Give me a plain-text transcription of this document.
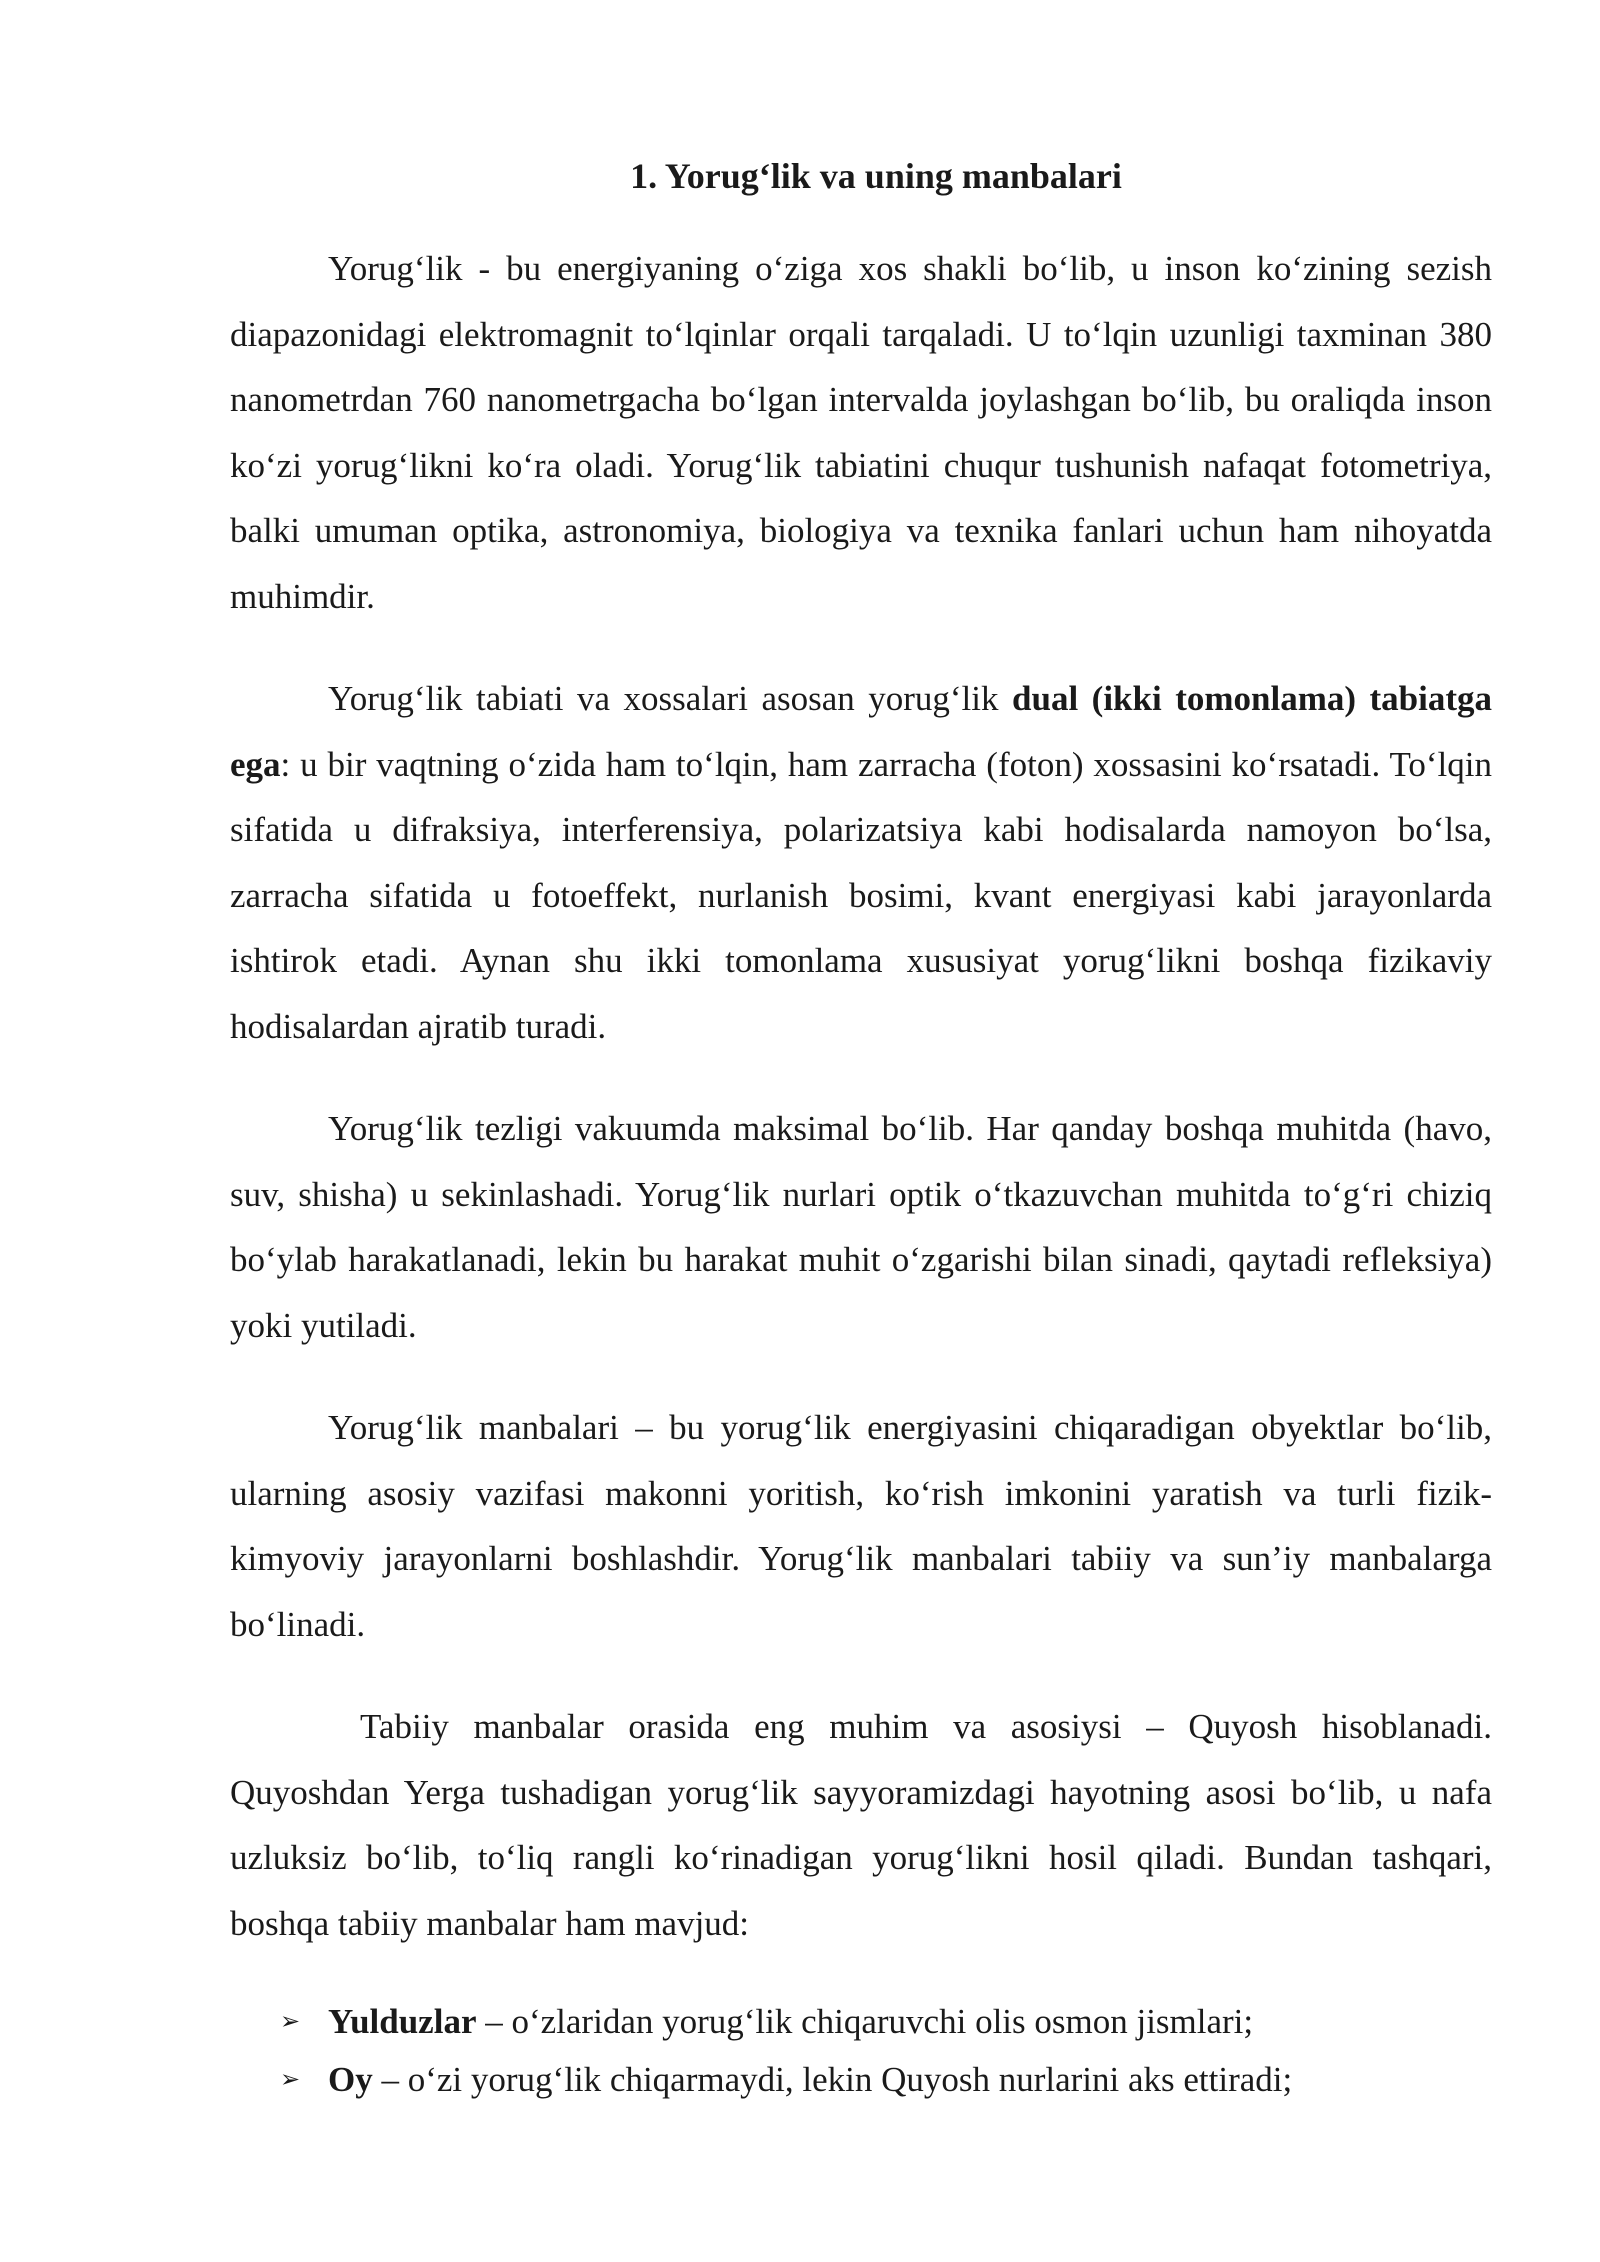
1. Yorug‘lik va uning manbalari

Yorug‘lik - bu energiyaning o‘ziga xos shakli bo‘lib, u inson ko‘zining sezish diapazonidagi elektromagnit to‘lqinlar orqali tarqaladi. U to‘lqin uzunligi taxminan 380 nanometrdan 760 nanometrgacha bo‘lgan intervalda joylashgan bo‘lib, bu oraliqda inson ko‘zi yorug‘likni ko‘ra oladi. Yorug‘lik tabiatini chuqur tushunish nafaqat fotometriya, balki umuman optika, astronomiya, biologiya va texnika fanlari uchun ham nihoyatda muhimdir.

Yorug‘lik tabiati va xossalari asosan yorug‘lik dual (ikki tomonlama) tabiatga ega: u bir vaqtning o‘zida ham to‘lqin, ham zarracha (foton) xossasini ko‘rsatadi. To‘lqin sifatida u difraksiya, interferensiya, polarizatsiya kabi hodisalarda namoyon bo‘lsa, zarracha sifatida u fotoeffekt, nurlanish bosimi, kvant energiyasi kabi jarayonlarda ishtirok etadi. Aynan shu ikki tomonlama xususiyat yorug‘likni boshqa fizikaviy hodisalardan ajratib turadi.

Yorug‘lik tezligi vakuumda maksimal bo‘lib. Har qanday boshqa muhitda (havo, suv, shisha) u sekinlashadi. Yorug‘lik nurlari optik o‘tkazuvchan muhitda to‘g‘ri chiziq bo‘ylab harakatlanadi, lekin bu harakat muhit o‘zgarishi bilan sinadi, qaytadi refleksiya) yoki yutiladi.

Yorug‘lik manbalari – bu yorug‘lik energiyasini chiqaradigan obyektlar bo‘lib, ularning asosiy vazifasi makonni yoritish, ko‘rish imkonini yaratish va turli fizik-kimyoviy jarayonlarni boshlashdir. Yorug‘lik manbalari tabiiy va sun’iy manbalarga bo‘linadi.

Tabiiy manbalar orasida eng muhim va asosiysi – Quyosh hisoblanadi. Quyoshdan Yerga tushadigan yorug‘lik sayyoramizdagi hayotning asosi bo‘lib, u nafa uzluksiz bo‘lib, to‘liq rangli ko‘rinadigan yorug‘likni hosil qiladi. Bundan tashqari, boshqa tabiiy manbalar ham mavjud:

➢ Yulduzlar – o‘zlaridan yorug‘lik chiqaruvchi olis osmon jismlari;
➢ Oy – o‘zi yorug‘lik chiqarmaydi, lekin Quyosh nurlarini aks ettiradi;
